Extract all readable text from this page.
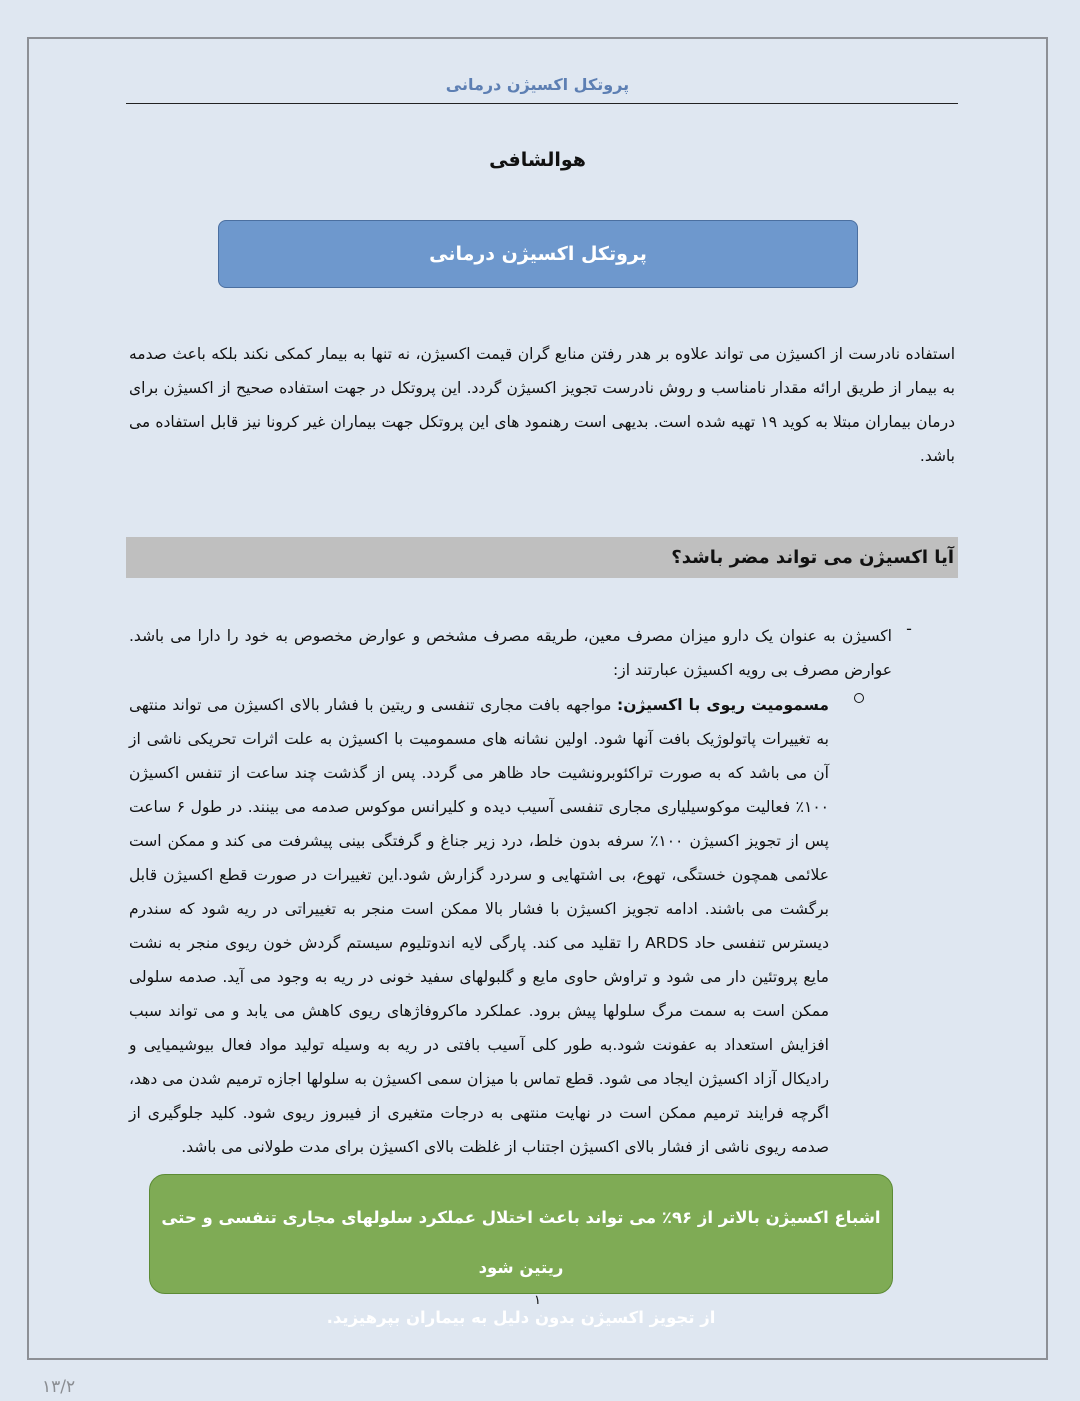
پروتکل اکسیژن درمانی
هوالشافی
پروتکل اکسیژن درمانی
استفاده نادرست از اکسیژن می تواند علاوه بر هدر رفتن منابع گران قیمت اکسیژن، نه تنها به بیمار کمکی نکند بلکه باعث صدمه به بیمار از طریق ارائه مقدار نامناسب و روش نادرست تجویز اکسیژن گردد. این پروتکل در جهت استفاده صحیح از اکسیژن برای درمان بیماران مبتلا به کوید ۱۹ تهیه شده است. بدیهی است رهنمود های این پروتکل جهت بیماران غیر کرونا نیز قابل استفاده می باشد.
آیا اکسیژن می تواند مضر باشد؟
-
اکسیژن به عنوان یک دارو میزان مصرف معین، طریقه مصرف مشخص و عوارض مخصوص به خود را دارا می باشد. عوارض مصرف بی رویه اکسیژن عبارتند از:
مسمومیت ریوی با اکسیژن: مواجهه بافت مجاری تنفسی و ریتین با فشار بالای اکسیژن می تواند منتهی به تغییرات پاتولوژیک بافت آنها شود. اولین نشانه های مسمومیت با اکسیژن به علت اثرات تحریکی ناشی از آن می باشد که به صورت تراکئوبرونشیت حاد ظاهر می گردد. پس از گذشت چند ساعت از تنفس اکسیژن ۱۰۰٪ فعالیت موکوسیلیاری مجاری تنفسی آسیب دیده و کلیرانس موکوس صدمه می بینند. در طول ۶ ساعت پس از تجویز اکسیژن ۱۰۰٪ سرفه بدون خلط، درد زیر جناغ و گرفتگی بینی پیشرفت می کند و ممکن است علائمی همچون خستگی، تهوع، بی اشتهایی و سردرد گزارش شود.این تغییرات در صورت قطع اکسیژن قابل برگشت می باشند. ادامه تجویز اکسیژن با فشار بالا ممکن است منجر به تغییراتی در ریه شود که سندرم دیسترس تنفسی حاد ARDS را تقلید می کند. پارگی لایه اندوتلیوم سیستم گردش خون ریوی منجر به نشت مایع پروتئین دار می شود و تراوش حاوی مایع و گلبولهای سفید خونی در ریه به وجود می آید. صدمه سلولی ممکن است به سمت مرگ سلولها پیش برود. عملکرد ماکروفاژهای ریوی کاهش می یابد و می تواند سبب افزایش استعداد به عفونت شود.به طور کلی آسیب بافتی در ریه به وسیله تولید مواد فعال بیوشیمیایی و رادیکال آزاد اکسیژن ایجاد می شود. قطع تماس با میزان سمی اکسیژن به سلولها اجازه ترمیم شدن می دهد، اگرچه فرایند ترمیم ممکن است در نهایت منتهی به درجات متغیری از فیبروز ریوی شود. کلید جلوگیری از صدمه ریوی ناشی از فشار بالای اکسیژن اجتناب از غلظت بالای اکسیژن برای مدت طولانی می باشد.
اشباع اکسیژن بالاتر از ۹۶٪ می تواند باعث اختلال عملکرد سلولهای مجاری تنفسی و حتی ریتین شود
از تجویز اکسیژن بدون دلیل به بیماران بپرهیزید.
۱
۱۳/۲
